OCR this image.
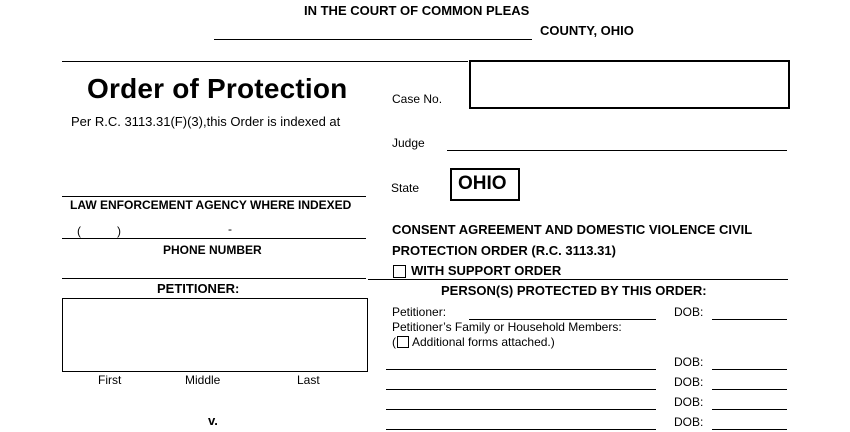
IN THE COURT OF COMMON PLEAS
COUNTY, OHIO
Order of Protection
Per R.C. 3113.31(F)(3),this Order is indexed at
LAW ENFORCEMENT AGENCY WHERE INDEXED
(	)	-
PHONE NUMBER
PETITIONER:
First	Middle	Last
v.
Case No.
Judge
State OHIO
CONSENT AGREEMENT AND DOMESTIC VIOLENCE CIVIL
PROTECTION ORDER (R.C. 3113.31)
WITH SUPPORT ORDER
PERSON(S) PROTECTED BY THIS ORDER:
Petitioner:	DOB:
Petitioner’s Family or Household Members:
( Additional forms attached.)
DOB:
DOB:
DOB:
DOB:
